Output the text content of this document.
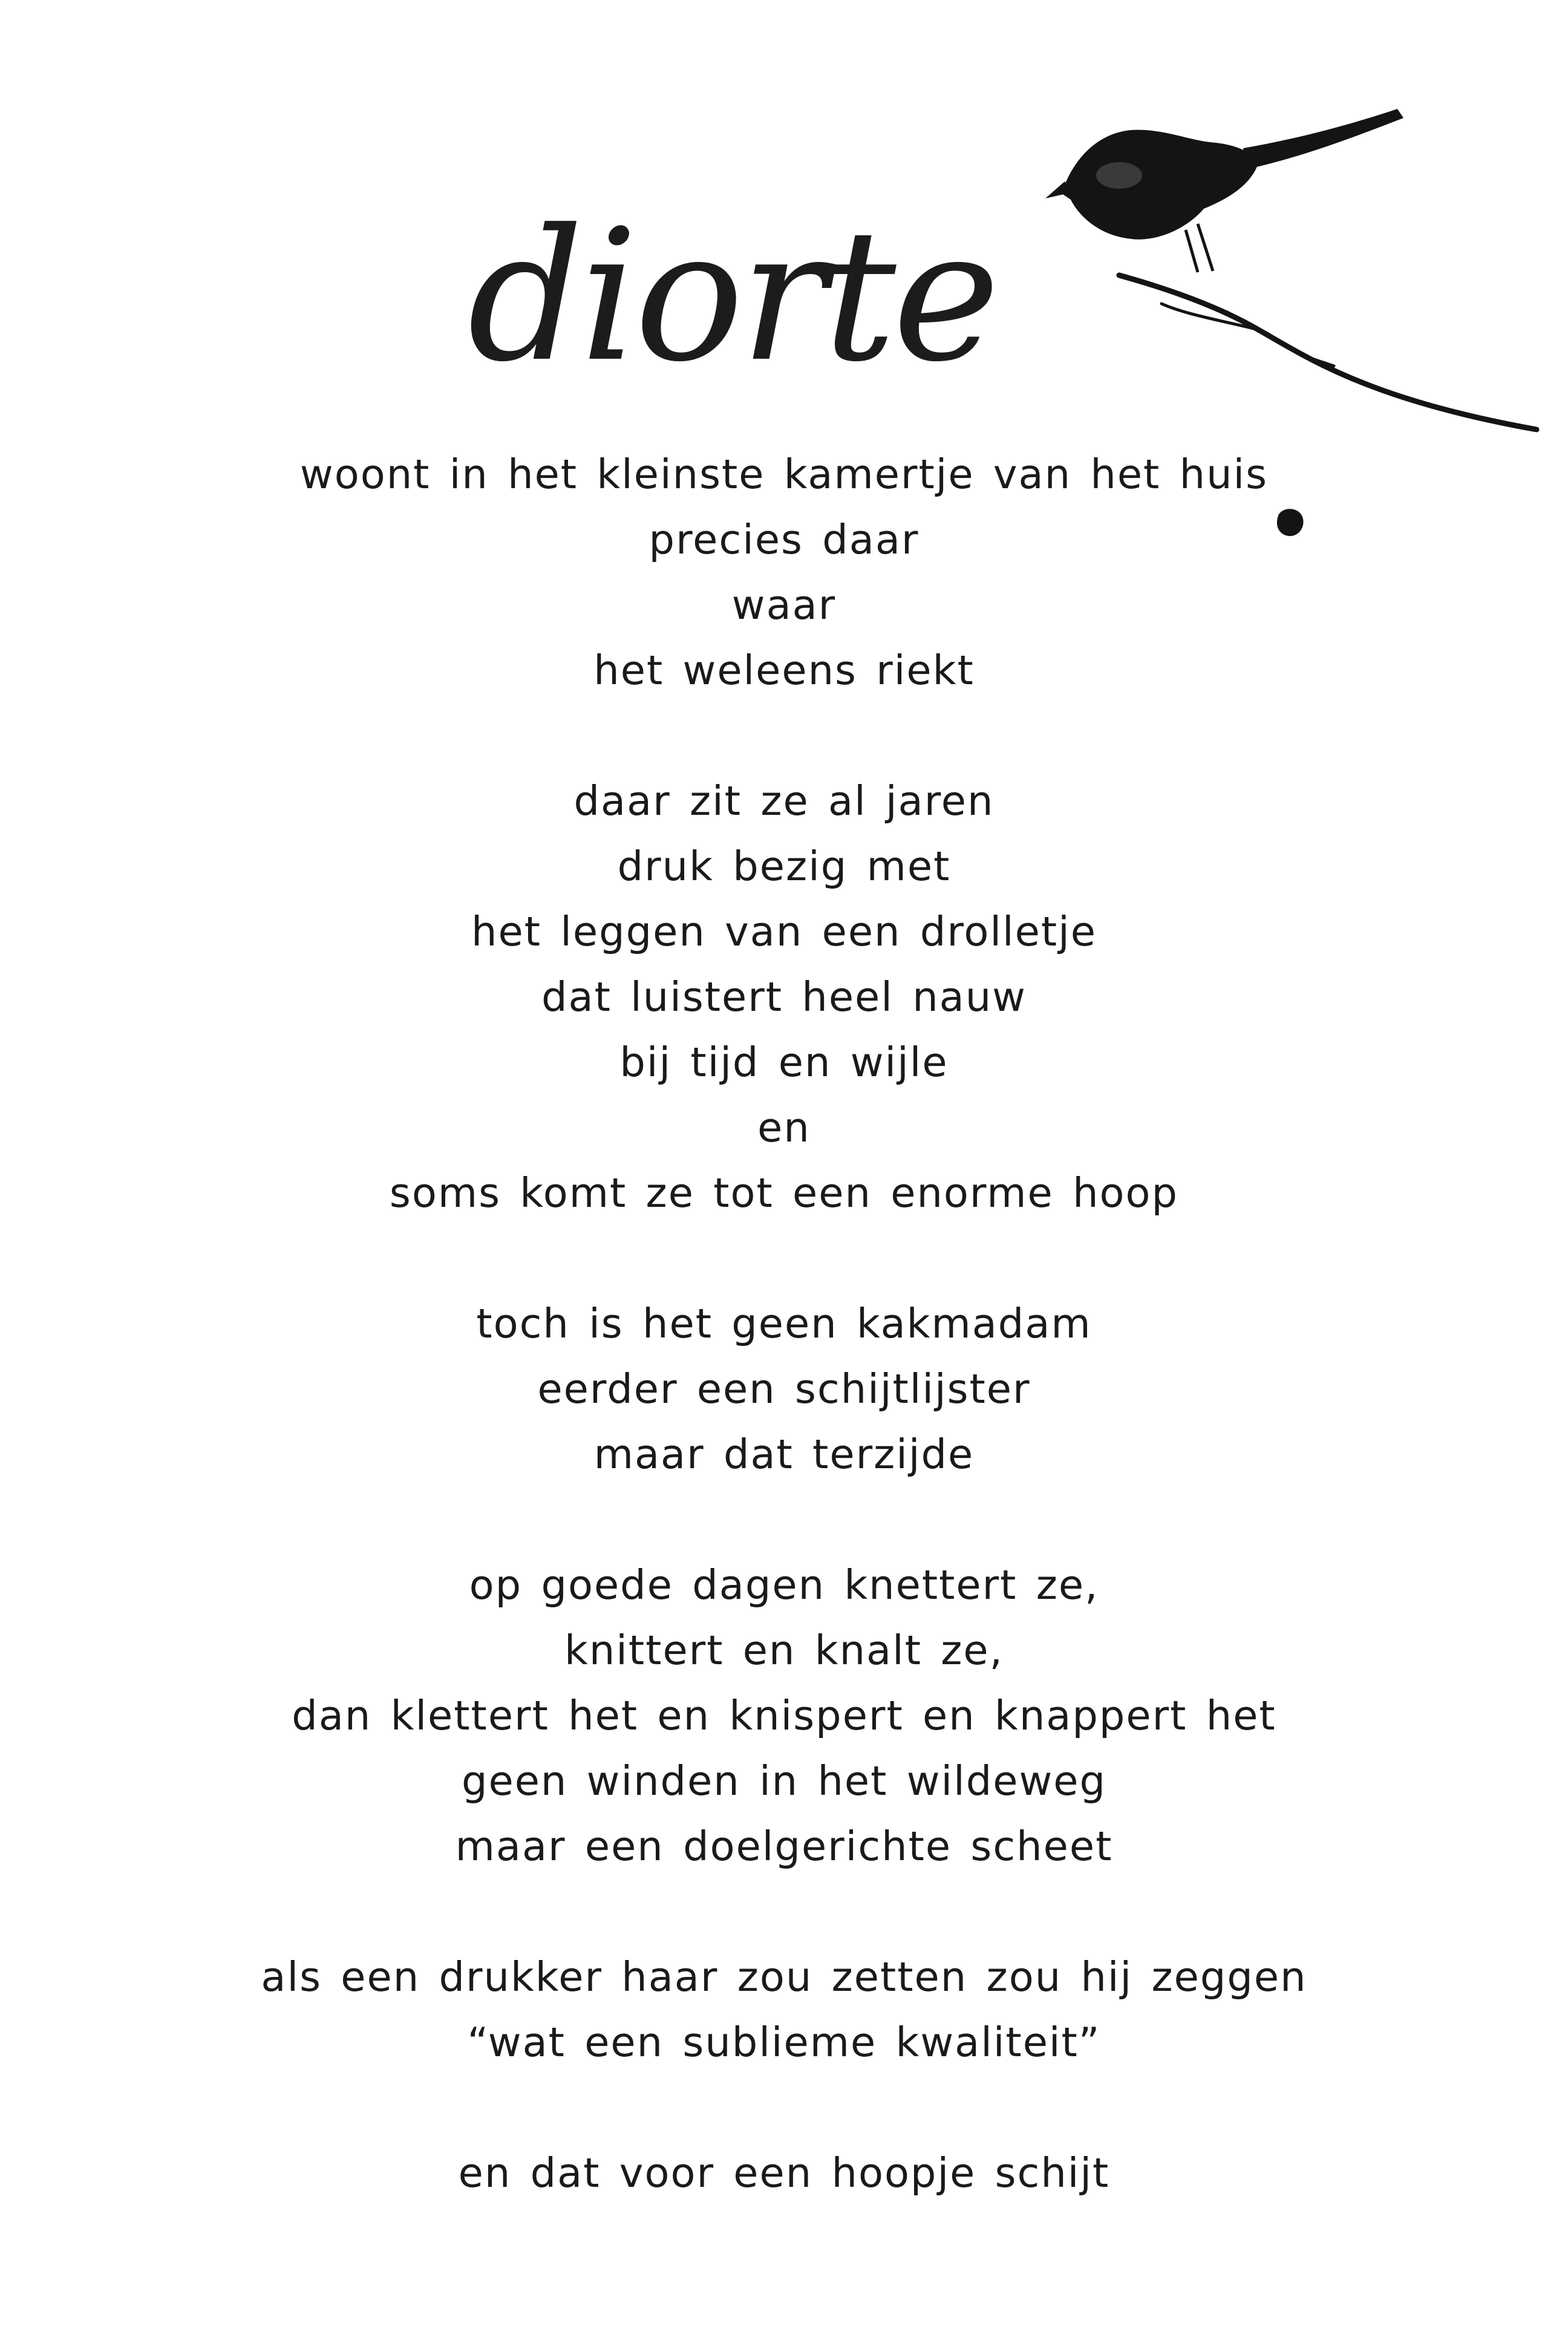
diorte
woont in het kleinste kamertje van het huis
precies daar
waar
het weleens riekt
daar zit ze al jaren
druk bezig met
het leggen van een drolletje
dat luistert heel nauw
bij tijd en wijle
en
soms komt ze tot een enorme hoop
toch is het geen kakmadam
eerder een schijtlijster
maar dat terzijde
op goede dagen knettert ze,
knittert en knalt ze,
dan klettert het en knispert en knappert het
geen winden in het wildeweg
maar een doelgerichte scheet
als een drukker haar zou zetten zou hij zeggen
“wat een sublieme kwaliteit”
en dat voor een hoopje schijt
